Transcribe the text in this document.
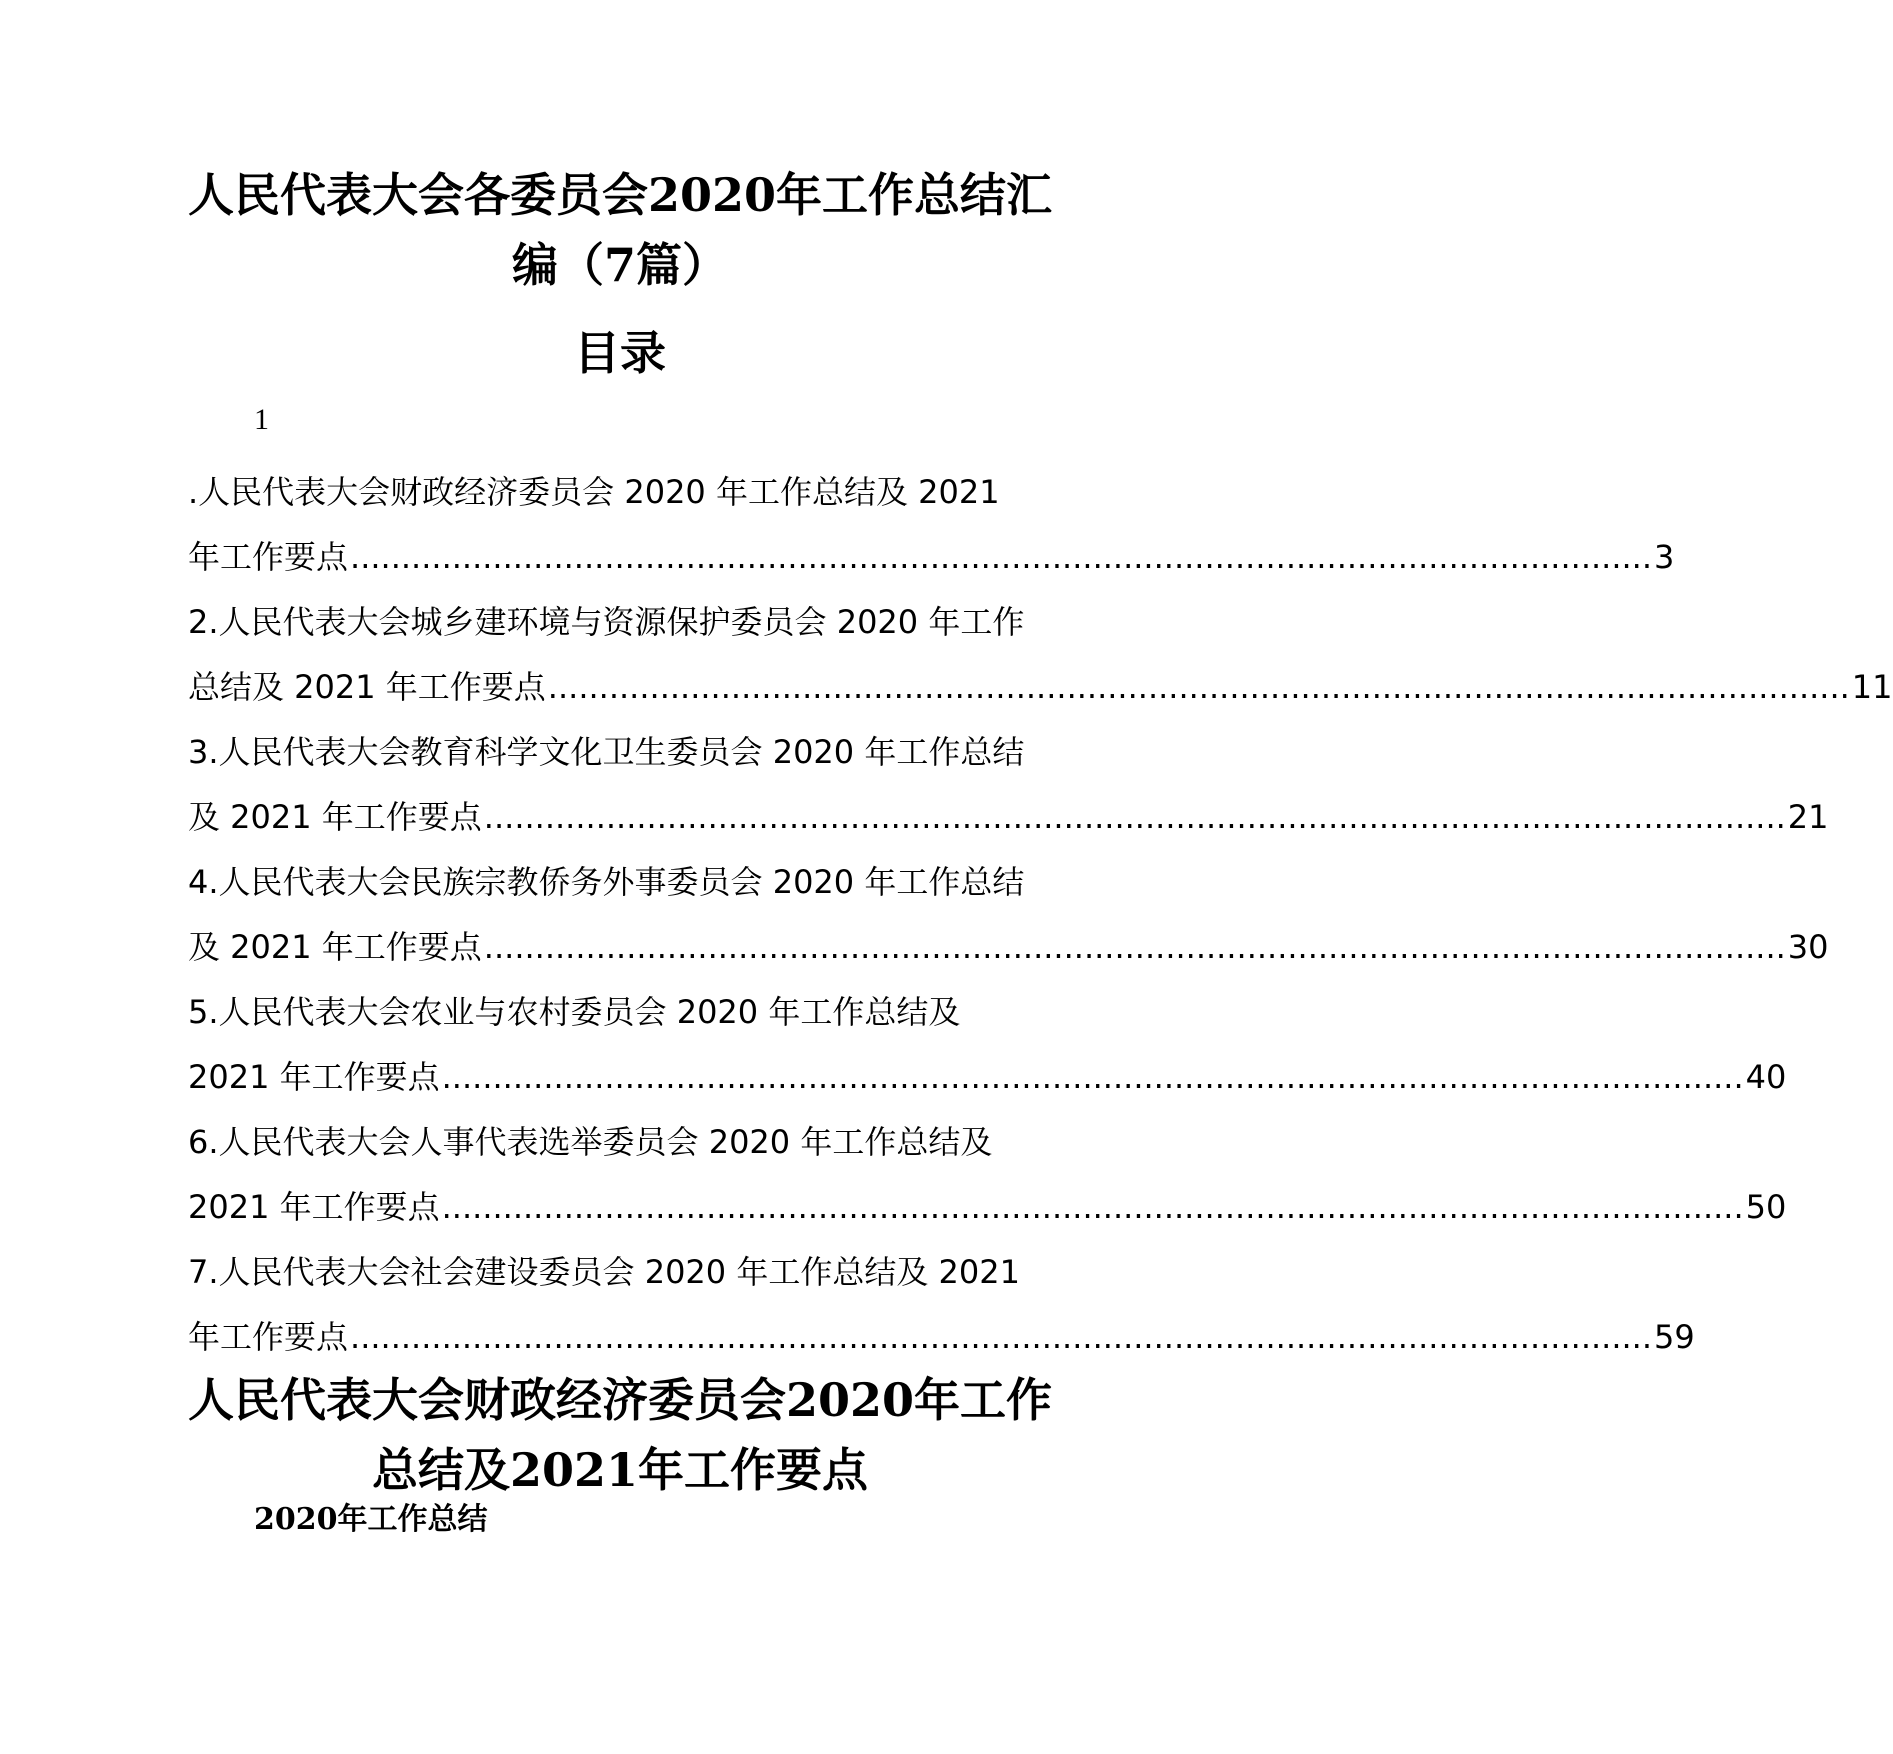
人民代表大会各委员会2020年工作总结汇
编（7篇）
目录
1
.人民代表大会财政经济委员会 2020 年工作总结及 2021
年工作要点 ................................................................................................................................ 3
2.人民代表大会城乡建环境与资源保护委员会 2020 年工作
总结及 2021 年工作要点 ................................................................................................................................ 11
3.人民代表大会教育科学文化卫生委员会 2020 年工作总结
及 2021 年工作要点 ................................................................................................................................ 21
4.人民代表大会民族宗教侨务外事委员会 2020 年工作总结
及 2021 年工作要点 ................................................................................................................................ 30
5.人民代表大会农业与农村委员会 2020 年工作总结及
2021 年工作要点 ................................................................................................................................ 40
6.人民代表大会人事代表选举委员会 2020 年工作总结及
2021 年工作要点 ................................................................................................................................ 50
7.人民代表大会社会建设委员会 2020 年工作总结及 2021
年工作要点 ................................................................................................................................ 59
人民代表大会财政经济委员会2020年工作
总结及2021年工作要点
2020年工作总结
